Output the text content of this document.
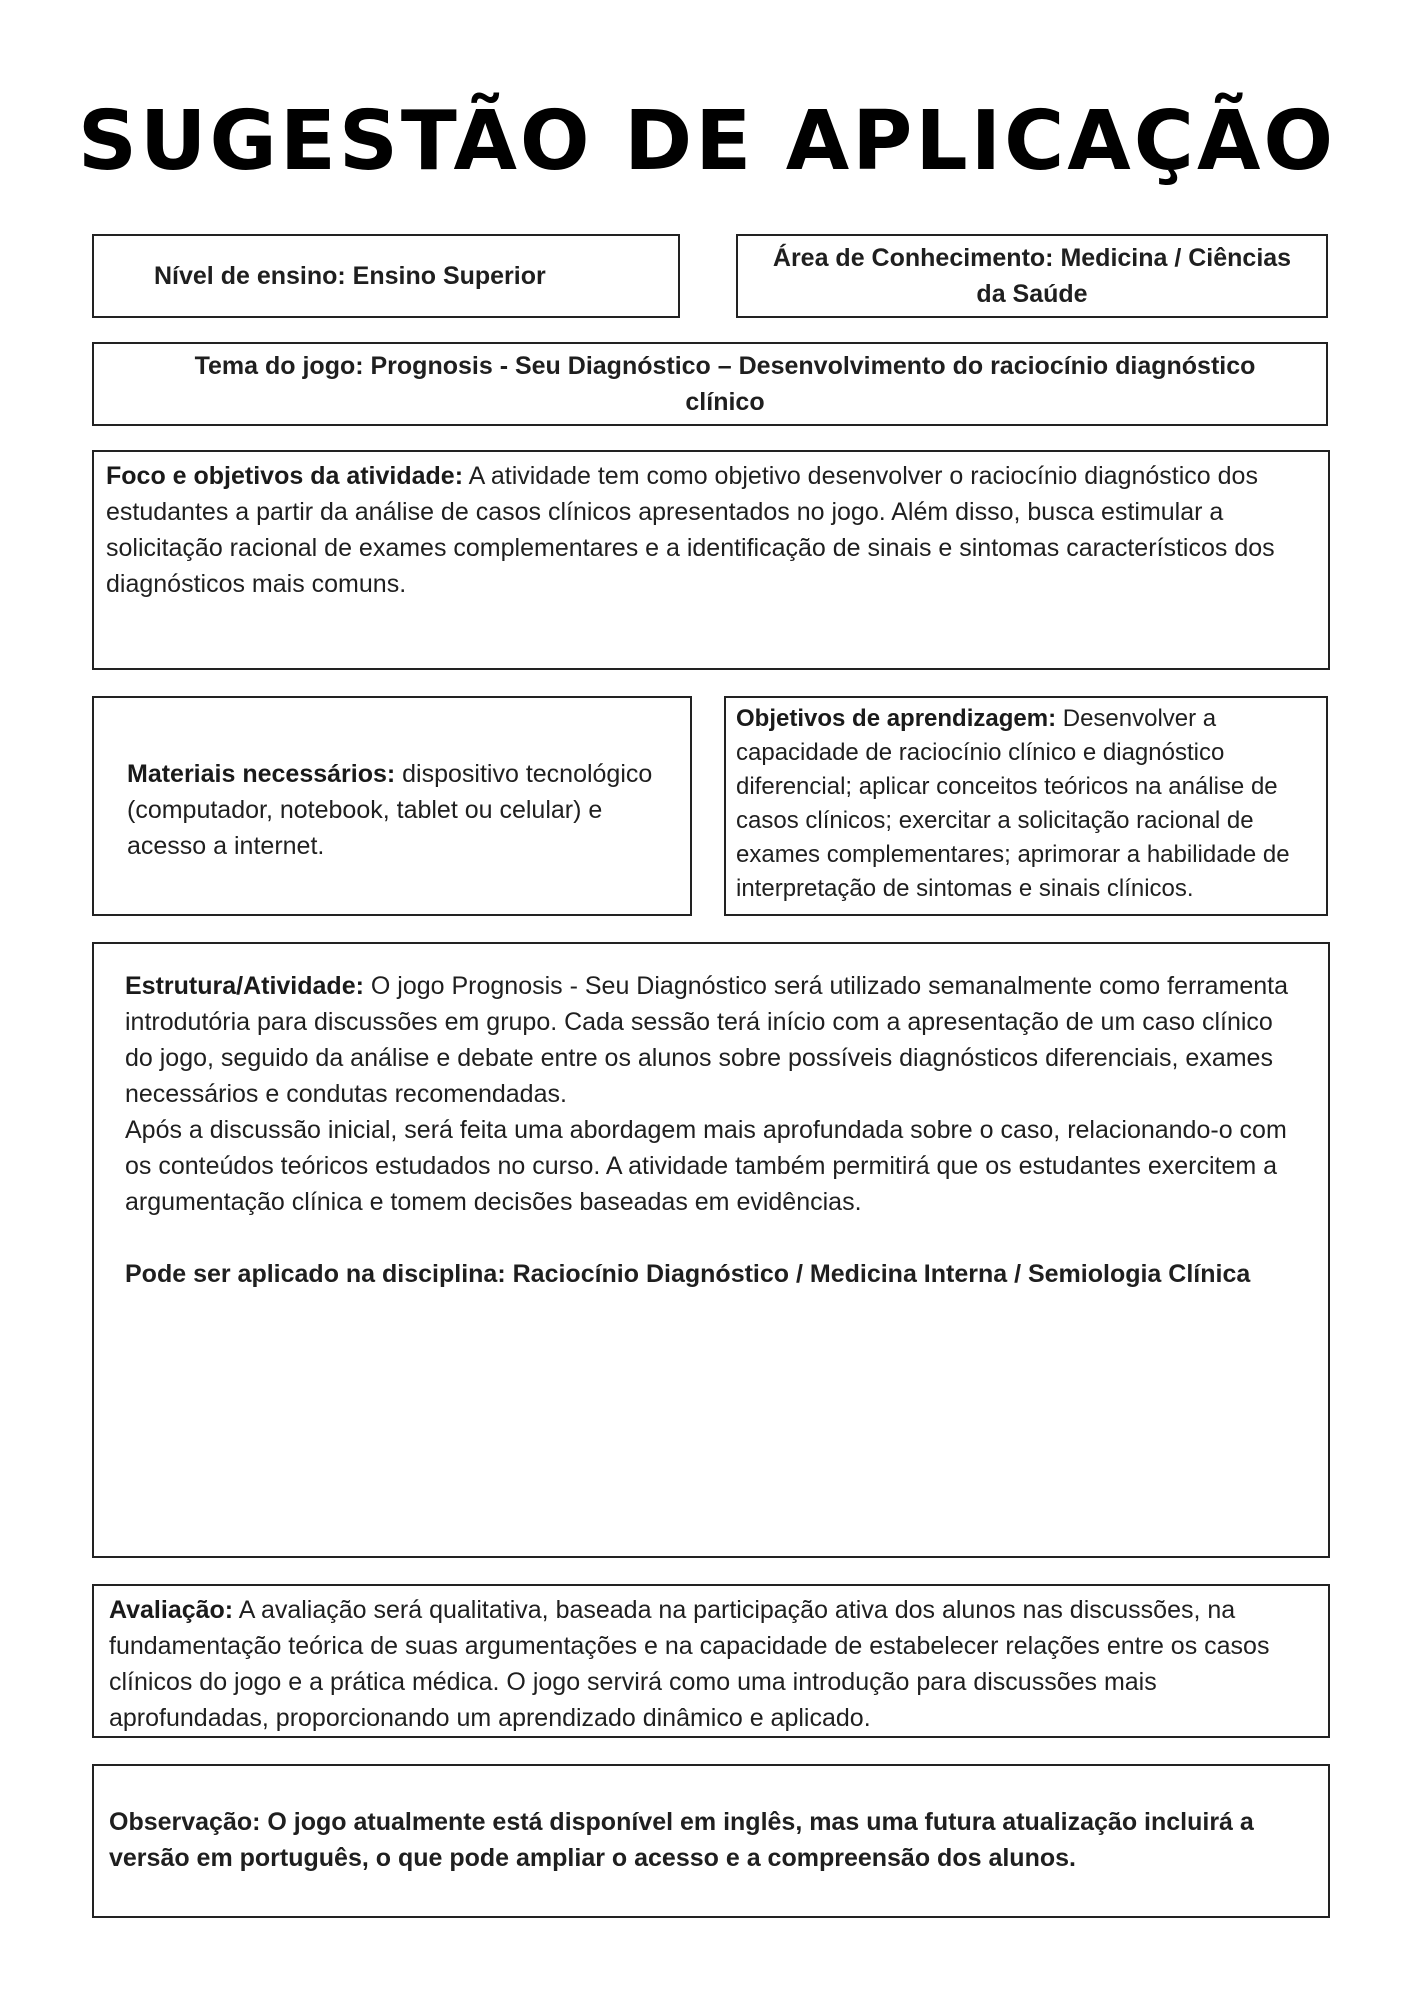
SUGESTÃO DE APLICAÇÃO
Nível de ensino: Ensino Superior
Área de Conhecimento: Medicina / Ciências da Saúde
Tema do jogo: Prognosis - Seu Diagnóstico – Desenvolvimento do raciocínio diagnóstico clínico

Foco e objetivos da atividade: A atividade tem como objetivo desenvolver o raciocínio diagnóstico dos estudantes a partir da análise de casos clínicos apresentados no jogo. Além disso, busca estimular a solicitação racional de exames complementares e a identificação de sinais e sintomas característicos dos diagnósticos mais comuns.

Materiais necessários: dispositivo tecnológico (computador, notebook, tablet ou celular) e acesso a internet.

Objetivos de aprendizagem: Desenvolver a capacidade de raciocínio clínico e diagnóstico diferencial; aplicar conceitos teóricos na análise de casos clínicos; exercitar a solicitação racional de exames complementares; aprimorar a habilidade de interpretação de sintomas e sinais clínicos.

Estrutura/Atividade: O jogo Prognosis - Seu Diagnóstico será utilizado semanalmente como ferramenta introdutória para discussões em grupo. Cada sessão terá início com a apresentação de um caso clínico do jogo, seguido da análise e debate entre os alunos sobre possíveis diagnósticos diferenciais, exames necessários e condutas recomendadas.

Após a discussão inicial, será feita uma abordagem mais aprofundada sobre o caso, relacionando-o com os conteúdos teóricos estudados no curso. A atividade também permitirá que os estudantes exercitem a argumentação clínica e tomem decisões baseadas em evidências.

Pode ser aplicado na disciplina: Raciocínio Diagnóstico / Medicina Interna / Semiologia Clínica

Avaliação: A avaliação será qualitativa, baseada na participação ativa dos alunos nas discussões, na fundamentação teórica de suas argumentações e na capacidade de estabelecer relações entre os casos clínicos do jogo e a prática médica. O jogo servirá como uma introdução para discussões mais aprofundadas, proporcionando um aprendizado dinâmico e aplicado.

Observação: O jogo atualmente está disponível em inglês, mas uma futura atualização incluirá a versão em português, o que pode ampliar o acesso e a compreensão dos alunos.
